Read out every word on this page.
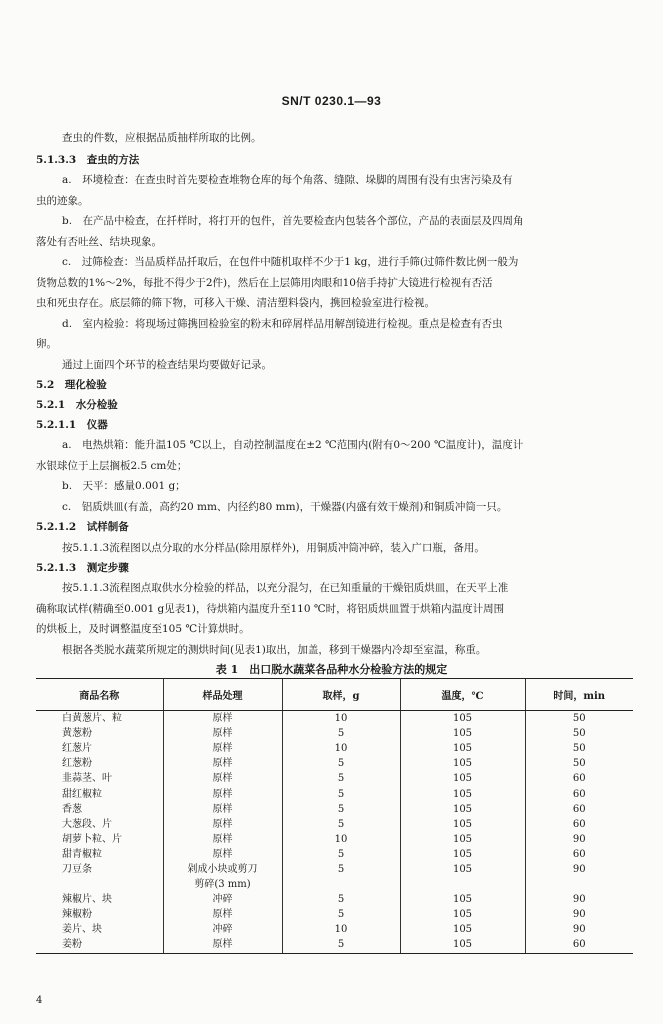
SN/T 0230.1—93
查虫的件数，应根据品质抽样所取的比例。
5.1.3.3　查虫的方法
a.　环境检查：在查虫时首先要检查堆物仓库的每个角落、缝隙、垛脚的周围有没有虫害污染及有
虫的迹象。
b.　在产品中检查，在扦样时，将打开的包件，首先要检查内包装各个部位，产品的表面层及四周角
落处有否吐丝、结块现象。
c.　过筛检查：当品质样品扦取后，在包件中随机取样不少于1 kg，进行手筛(过筛件数比例一般为
货物总数的1%～2%，每批不得少于2件)，然后在上层筛用肉眼和10倍手持扩大镜进行检视有否活
虫和死虫存在。底层筛的筛下物，可移入干燥、清洁塑料袋内，携回检验室进行检视。
d.　室内检验：将现场过筛携回检验室的粉末和碎屑样品用解剖镜进行检视。重点是检查有否虫
卵。
通过上面四个环节的检查结果均要做好记录。
5.2　理化检验
5.2.1　水分检验
5.2.1.1　仪器
a.　电热烘箱：能升温105 ℃以上，自动控制温度在±2 ℃范围内(附有0～200 ℃温度计)，温度计
水银球位于上层搁板2.5 cm处；
b.　天平：感量0.001 g；
c.　铝质烘皿(有盖，高约20 mm、内径约80 mm)，干燥器(内盛有效干燥剂)和铜质冲筒一只。
5.2.1.2　试样制备
按5.1.1.3流程图以点分取的水分样品(除用原样外)，用铜质冲筒冲碎，装入广口瓶，备用。
5.2.1.3　测定步骤
按5.1.1.3流程图点取供水分检验的样品，以充分混匀，在已知重量的干燥铝质烘皿，在天平上准
确称取试样(精确至0.001 g见表1)，待烘箱内温度升至110 ℃时，将铝质烘皿置于烘箱内温度计周围
的烘板上，及时调整温度至105 ℃计算烘时。
根据各类脱水蔬菜所规定的测烘时间(见表1)取出，加盖，移到干燥器内冷却至室温，称重。
表 1　出口脱水蔬菜各品种水分检验方法的规定
商品名称	样品处理	取样，g	温度，℃	时间，min
白黄葱片、粒	原样	10	105	50
黄葱粉	原样	5	105	50
红葱片	原样	10	105	50
红葱粉	原样	5	105	50
韭蒜茎、叶	原样	5	105	60
甜红椒粒	原样	5	105	60
香葱	原样	5	105	60
大葱段、片	原样	5	105	60
胡萝卜粒、片	原样	10	105	90
甜青椒粒	原样	5	105	60
刀豆条	剁成小块或剪刀	5	105	90
	剪碎(3 mm)			
辣椒片、块	冲碎	5	105	90
辣椒粉	原样	5	105	90
姜片、块	冲碎	10	105	90
姜粉	原样	5	105	60
4
